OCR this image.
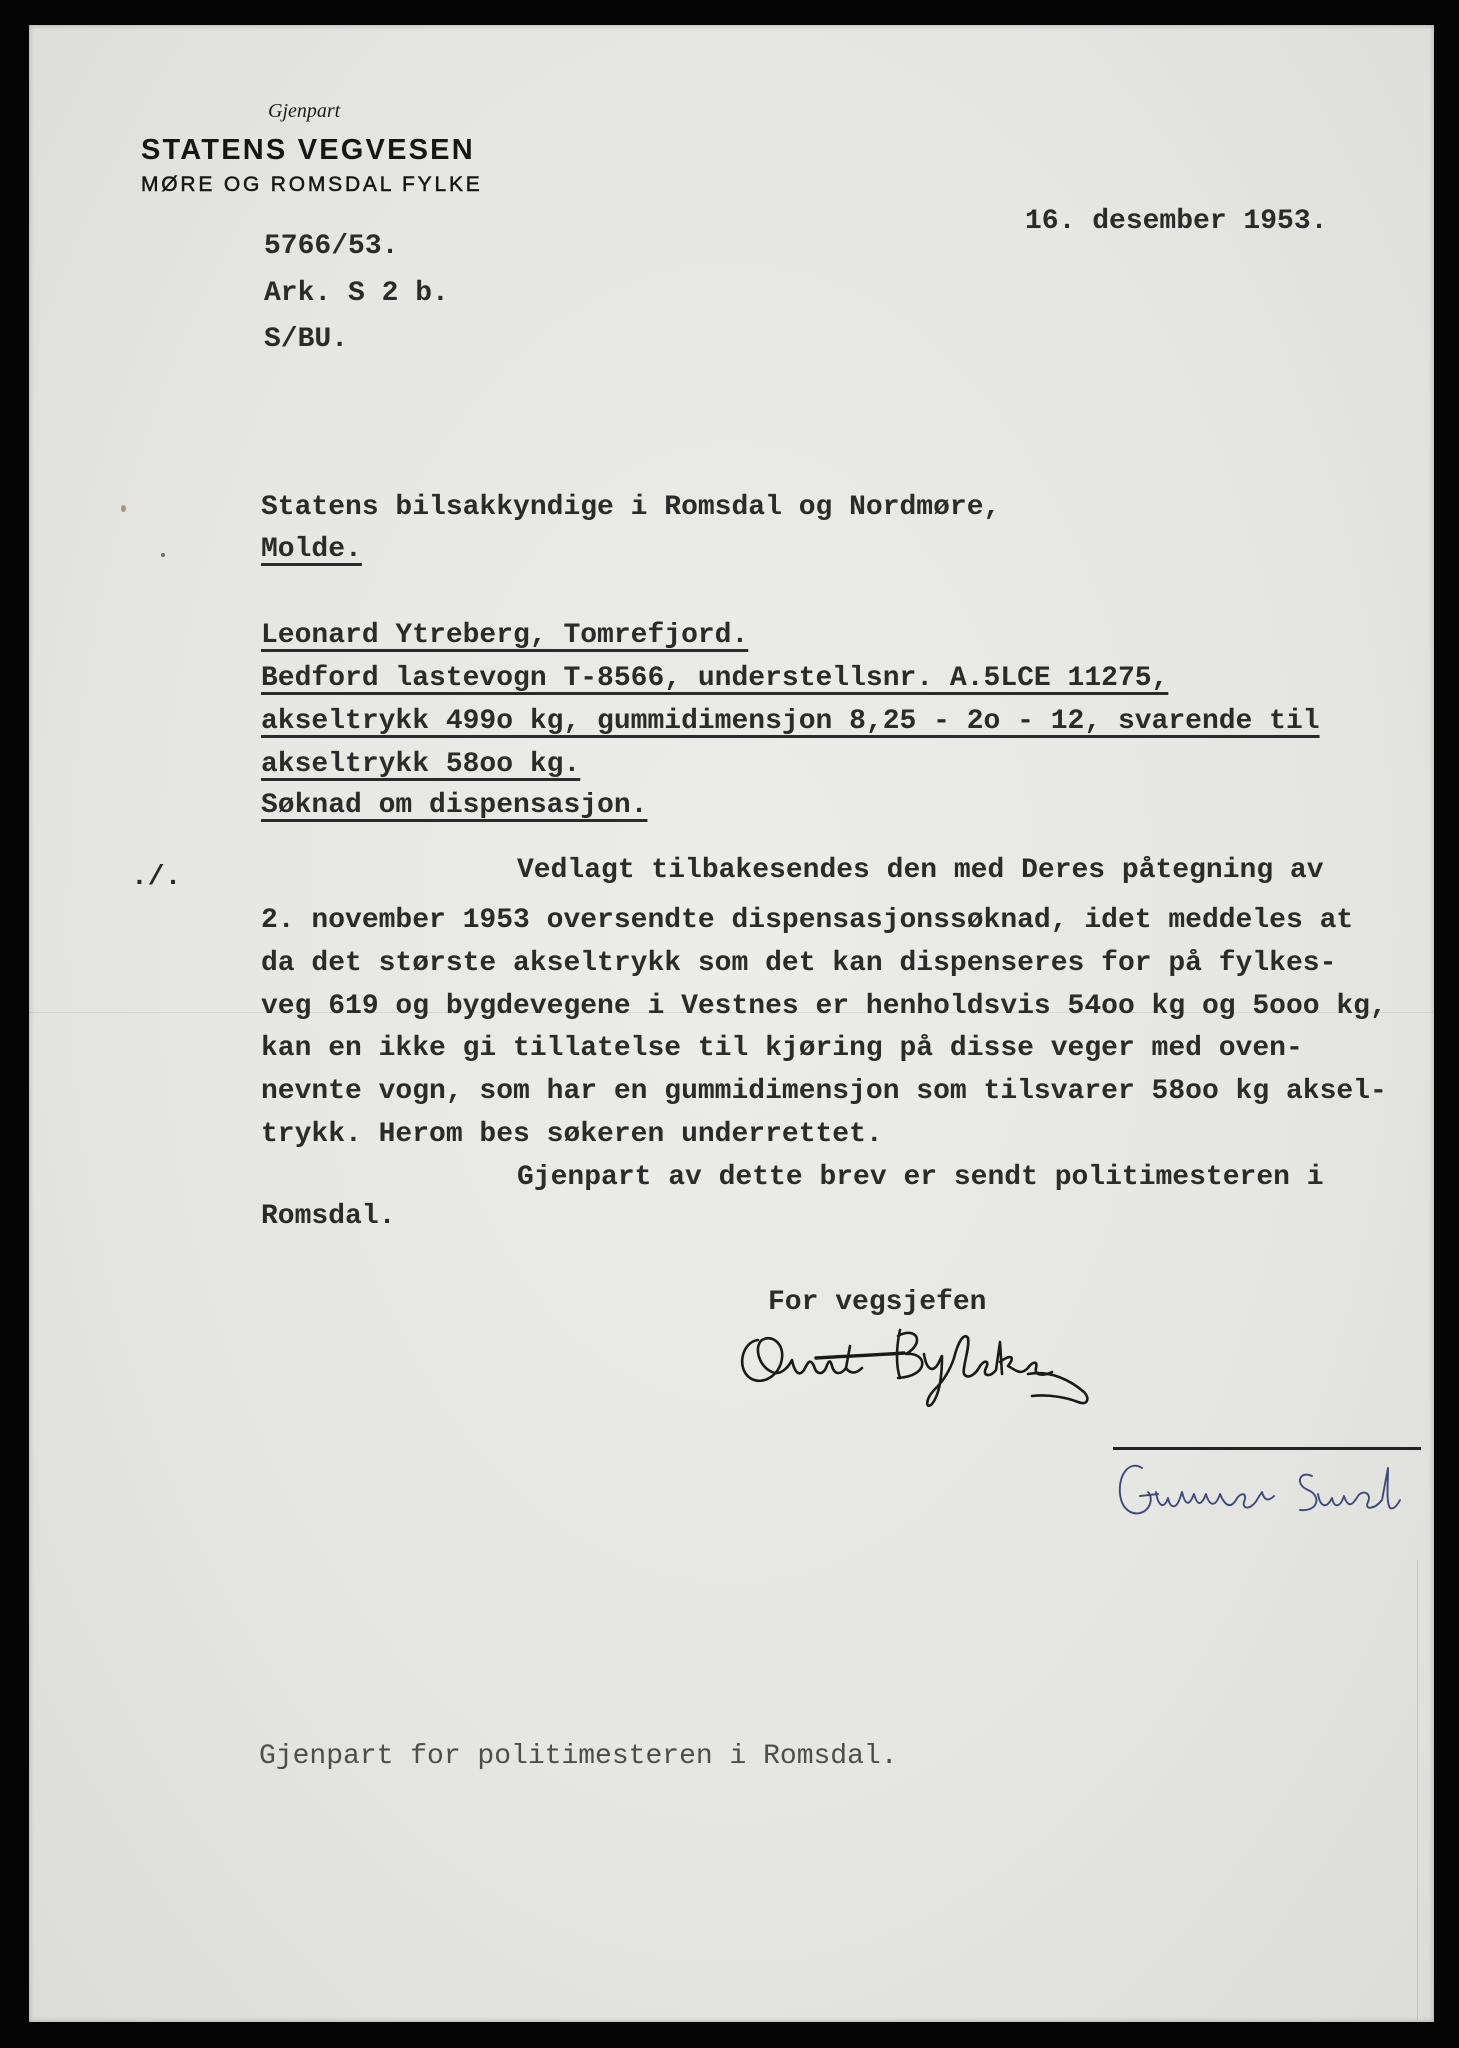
Gjenpart
STATENS VEGVESEN
MØRE OG ROMSDAL FYLKE
16. desember 1953.
5766/53.
Ark. S 2 b.
S/BU.
Statens bilsakkyndige i Romsdal og Nordmøre,
Molde.
Leonard Ytreberg, Tomrefjord.
Bedford lastevogn T-8566, understellsnr. A.5LCE 11275,
akseltrykk 499o kg, gummidimensjon 8,25 - 2o - 12, svarende til
akseltrykk 58oo kg.
Søknad om dispensasjon.
./.	Vedlagt tilbakesendes den med Deres påtegning av
2. november 1953 oversendte dispensasjonssøknad, idet meddeles at
da det største akseltrykk som det kan dispenseres for på fylkes-
veg 619 og bygdevegene i Vestnes er henholdsvis 54oo kg og 5ooo kg,
kan en ikke gi tillatelse til kjøring på disse veger med oven-
nevnte vogn, som har en gummidimensjon som tilsvarer 58oo kg aksel-
trykk. Herom bes søkeren underrettet.
Gjenpart av dette brev er sendt politimesteren i
Romsdal.
For vegsjefen
Gjenpart for politimesteren i Romsdal.
